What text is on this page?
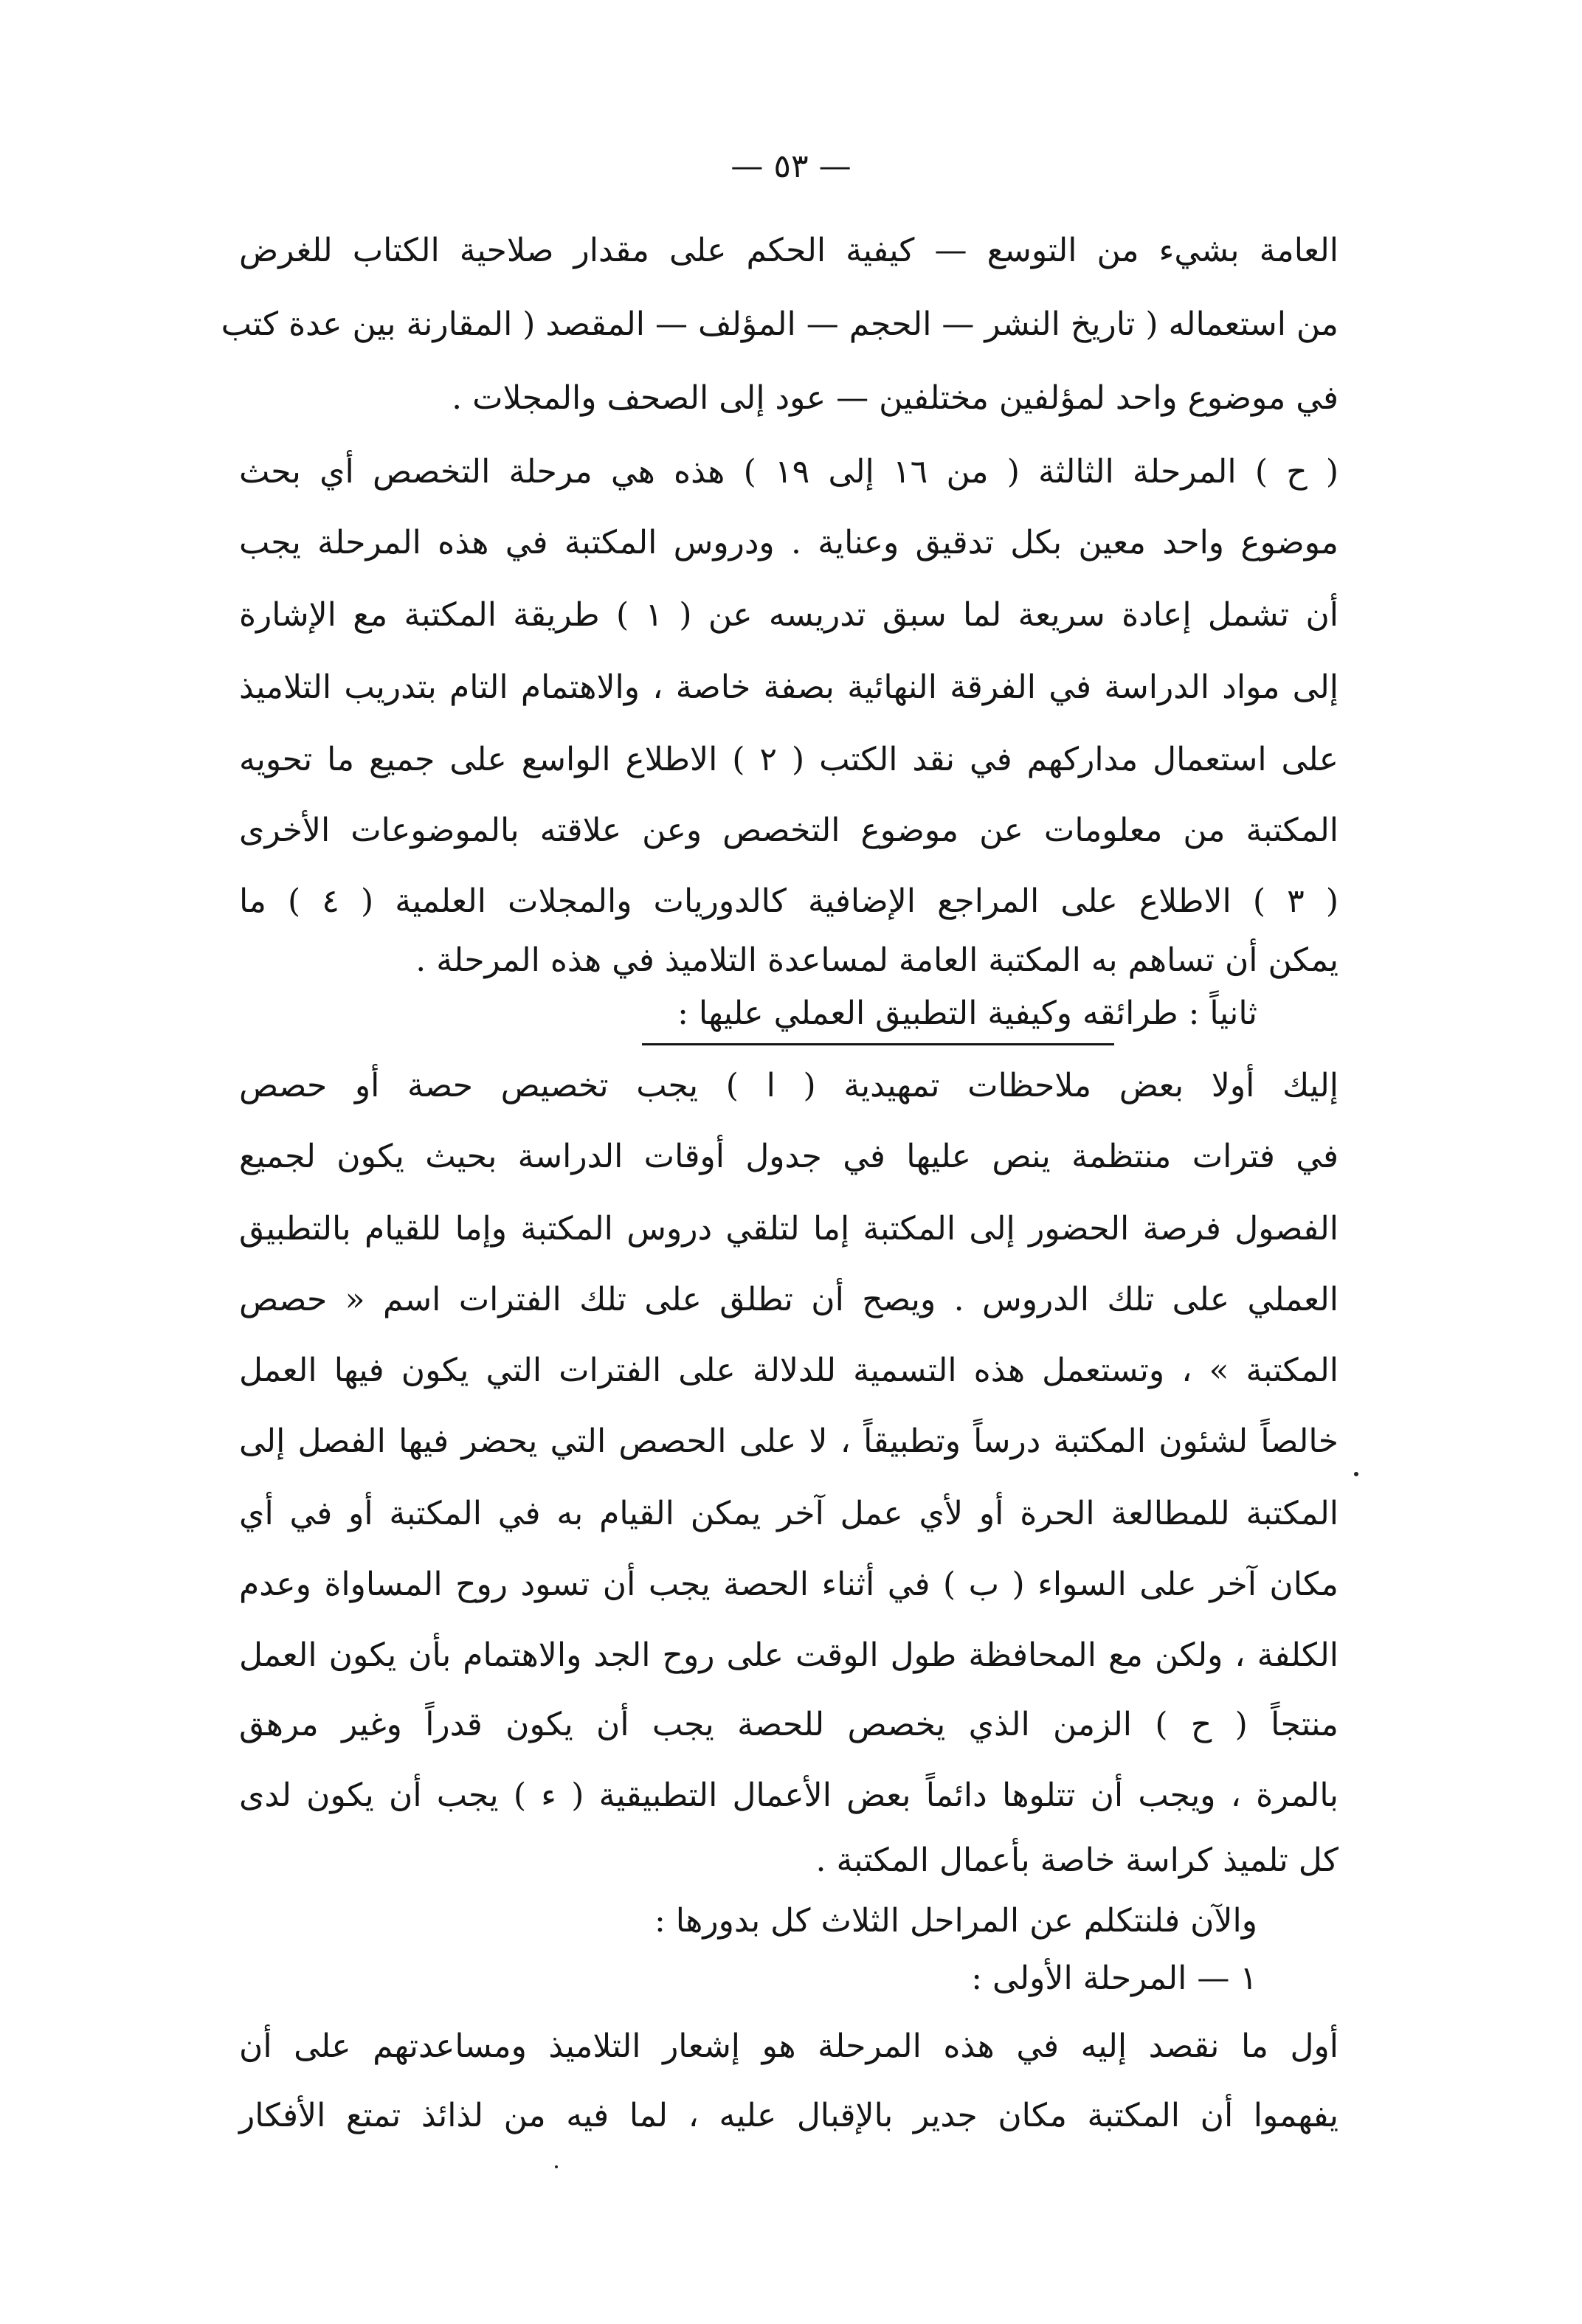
— ٥٣ —
العامة بشيء من التوسع — كيفية الحكم على مقدار صلاحية الكتاب للغرض
من استعماله ( تاريخ النشر — الحجم — المؤلف — المقصد ( المقارنة بين عدة كتب
في موضوع واحد لمؤلفين مختلفين — عود إلى الصحف والمجلات .
( ح ) المرحلة الثالثة ( من ١٦ إلى ١٩ ) هذه هي مرحلة التخصص أي بحث
موضوع واحد معين بكل تدقيق وعناية . ودروس المكتبة في هذه المرحلة يجب
أن تشمل إعادة سريعة لما سبق تدريسه عن ( ١ ) طريقة المكتبة مع الإشارة
إلى مواد الدراسة في الفرقة النهائية بصفة خاصة ، والاهتمام التام بتدريب التلاميذ
على استعمال مداركهم في نقد الكتب ( ٢ ) الاطلاع الواسع على جميع ما تحويه
المكتبة من معلومات عن موضوع التخصص وعن علاقته بالموضوعات الأخرى
( ٣ ) الاطلاع على المراجع الإضافية كالدوريات والمجلات العلمية ( ٤ ) ما
يمكن أن تساهم به المكتبة العامة لمساعدة التلاميذ في هذه المرحلة .
ثانياً : طرائقه وكيفية التطبيق العملي عليها :
إليك أولا بعض ملاحظات تمهيدية ( ا ) يجب تخصيص حصة أو حصص
في فترات منتظمة ينص عليها في جدول أوقات الدراسة بحيث يكون لجميع
الفصول فرصة الحضور إلى المكتبة إما لتلقي دروس المكتبة وإما للقيام بالتطبيق
العملي على تلك الدروس . ويصح أن تطلق على تلك الفترات اسم « حصص
المكتبة » ، وتستعمل هذه التسمية للدلالة على الفترات التي يكون فيها العمل
خالصاً لشئون المكتبة درساً وتطبيقاً ، لا على الحصص التي يحضر فيها الفصل إلى
المكتبة للمطالعة الحرة أو لأي عمل آخر يمكن القيام به في المكتبة أو في أي
مكان آخر على السواء ( ب ) في أثناء الحصة يجب أن تسود روح المساواة وعدم
الكلفة ، ولكن مع المحافظة طول الوقت على روح الجد والاهتمام بأن يكون العمل
منتجاً ( ح ) الزمن الذي يخصص للحصة يجب أن يكون قدراً وغير مرهق
بالمرة ، ويجب أن تتلوها دائماً بعض الأعمال التطبيقية ( ء ) يجب أن يكون لدى
كل تلميذ كراسة خاصة بأعمال المكتبة .
والآن فلنتكلم عن المراحل الثلاث كل بدورها :
١ — المرحلة الأولى :
أول ما نقصد إليه في هذه المرحلة هو إشعار التلاميذ ومساعدتهم على أن
يفهموا أن المكتبة مكان جدير بالإقبال عليه ، لما فيه من لذائذ تمتع الأفكار
